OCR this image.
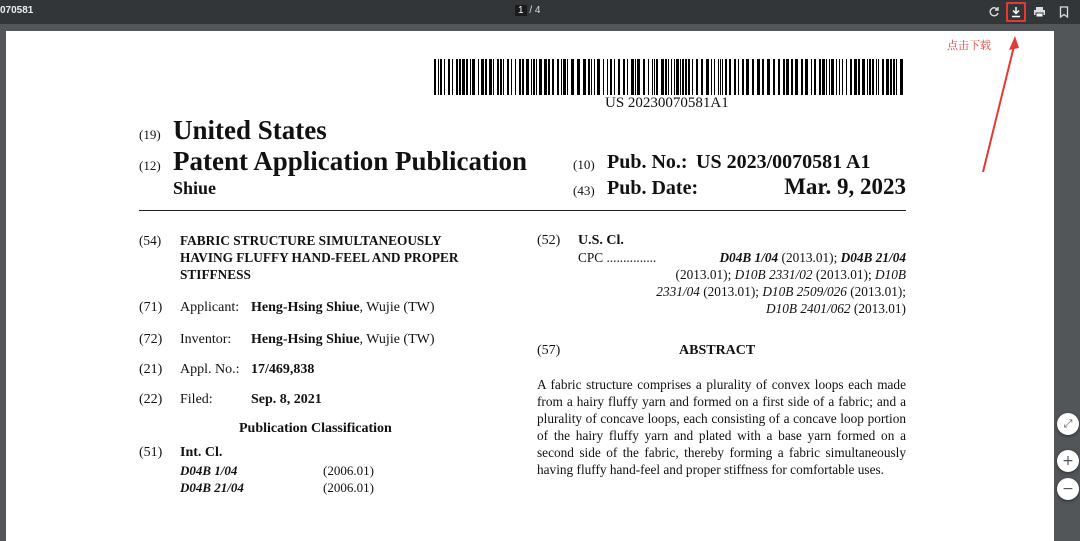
070581	1 / 4
US 20230070581A1
(19) United States
(12) Patent Application Publication
Shiue
(10) Pub. No.: US 2023/0070581 A1
(43) Pub. Date:	Mar. 9, 2023
(54) FABRIC STRUCTURE SIMULTANEOUSLY
HAVING FLUFFY HAND-FEEL AND PROPER
STIFFNESS
(71) Applicant: Heng-Hsing Shiue, Wujie (TW)
(72) Inventor: Heng-Hsing Shiue, Wujie (TW)
(21) Appl. No.: 17/469,838
(22) Filed:	Sep. 8, 2021
Publication Classification
(51) Int. Cl.
D04B 1/04	(2006.01)
D04B 21/04	(2006.01)
(52) U.S. Cl.
CPC ...............	D04B 1/04 (2013.01); D04B 21/04
(2013.01); D10B 2331/02 (2013.01); D10B
2331/04 (2013.01); D10B 2509/026 (2013.01);
D10B 2401/062 (2013.01)
(57)	ABSTRACT
A fabric structure comprises a plurality of convex loops each made from a hairy fluffy yarn and formed on a first side of a fabric; and a plurality of concave loops, each consisting of a concave loop portion of the hairy fluffy yarn and plated with a base yarn formed on a second side of the fabric, thereby forming a fabric simultaneously having fluffy hand-feel and proper stiffness for comfortable uses.
点击下载
⤢
+
−
大数跨境
